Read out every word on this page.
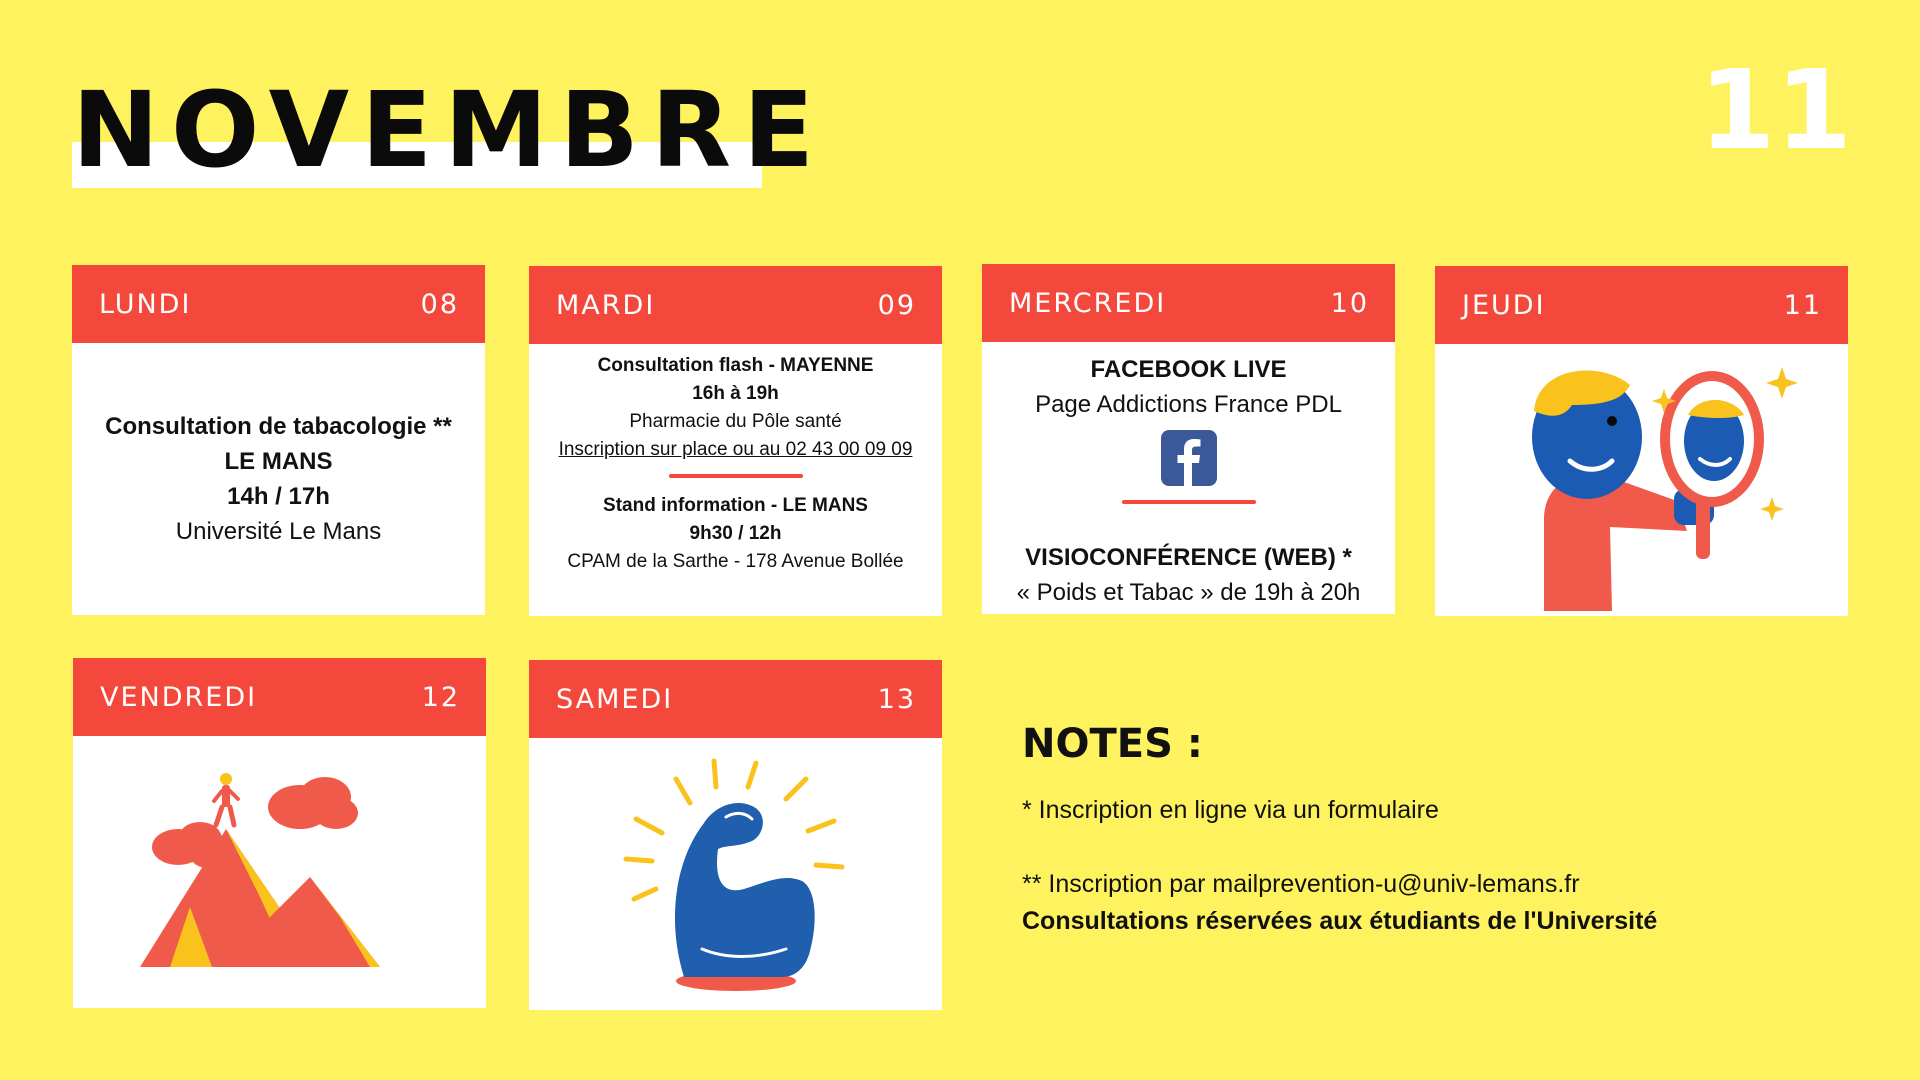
NOVEMBRE	11
LUNDI	08
Consultation de tabacologie **
LE MANS
14h / 17h
Université Le Mans
MARDI	09
Consultation flash - MAYENNE
16h à 19h
Pharmacie du Pôle santé
Inscription sur place ou au 02 43 00 09 09
Stand information - LE MANS
9h30 / 12h
CPAM de la Sarthe - 178 Avenue Bollée
MERCREDI	10
FACEBOOK LIVE
Page Addictions France PDL
VISIOCONFÉRENCE (WEB) *
« Poids et Tabac » de 19h à 20h
JEUDI	11
VENDREDI	12	SAMEDI	13
NOTES :
* Inscription en ligne via un formulaire
** Inscription par mailprevention-u@univ-lemans.fr
Consultations réservées aux étudiants de l'Université
